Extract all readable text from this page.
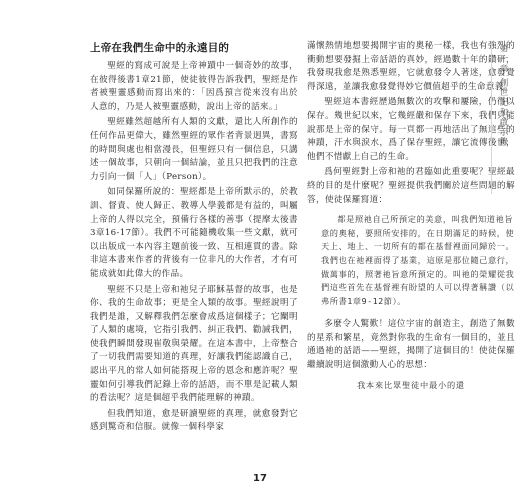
上帝在我們生命中的永遠目的

聖經的寫成可說是上帝神蹟中一個奇妙的故事，在彼得後書1章21節，使徒彼得告訴我們，聖經是作者被聖靈感動而寫出來的：「因爲預言從來沒有出於人意的，乃是人被聖靈感動，說出上帝的話來。」

聖經雖然超越所有人類的文獻，還比人所創作的任何作品更偉大，雖然聖經的眾作者背景迥異，書寫的時間與處也相當漫長，但聖經只有一個信息，只講述一個故事，只朝向一個結論，並且只把我們的注意力引向一個「人」（Person）。

如同保羅所說的：聖經都是上帝所默示的，於教訓、督責、使人歸正、教導人學義都是有益的，叫屬上帝的人得以完全，預備行各樣的善事（提摩太後書3章16-17節）。我們不可能隨機收集一些文獻，就可以出版成一本內容主題前後一致、互相連貫的書。除非這本書來作者的背後有一位非凡的大作者，才有可能成就如此偉大的作品。

聖經不只是上帝和祂兒子耶穌基督的故事，也是你、我的生命故事；更是全人類的故事。聖經說明了我們是誰，又解釋我們怎麼會成爲這個樣子；它闡明了人類的處境，它指引我們、糾正我們、勸誡我們，使我們瞬間發現崔敬與榮耀。在這本書中，上帝整合了一切我們需要知道的真理，好讓我們能認識自己，認出平凡的常人如何能搭現上帝的恩念和應許呢？聖靈如何引導我們記錄上帝的話語，而不單是記載人類的看法呢？這是個超乎我們能理解的神蹟。

但我們知道，愈是研讀聖經的真理，就愈發對它感到驚奇和信服。就像一個科學家

滿懷熱情地想要揭開宇宙的奧秘一樣，我也有強烈的衝動想要發掘上帝話語的真妙，經過數十年的鑽研，我發現我愈是熟悉聖經，它就愈發令人著迷，愈發覺得深遠，並讓我愈發覺得妙它價值超乎的生命意義。

聖經這本書經歷過無數次的攻擊和屢險，仍得以保存。幾世紀以來，它幾經嚴和保存下來，我們只能說那是上帝的保守。每一頁都一再地活出了無這些的神蹟，汗水與淚水，爲了保存聖經，讓它流傳後世，他們不惜獻上自己的生命。

爲何聖經對上帝和祂的君臨如此重要呢？聖經最終的目的是什麼呢？聖經提供我們關於這些問題的解答，使徒保羅寫道：

都是照祂自己所預定的美意，叫我們知道祂旨意的奧秘，要照所安排的，在日期滿足的時候，使天上、地上、一切所有的都在基督裡面同歸於一。我們也在祂裡面得了基業，這原是那位隨己意行，做萬事的，照著祂旨意所預定的。叫祂的榮耀從我們這些首先在基督裡有盼望的人可以得著稱讚（以弗所書1章9-12節）。

多麼令人驚歎！這位宇宙的創造主，創造了無數的星系和繁星，竟然對你我的生命有一個目的，並且通過祂的話語——聖經，揭開了這個目的！使徒保羅繼續說明這個激動人心的思想：

我本來比眾聖徒中最小的還
第一章 創世記和啟示錄
17
